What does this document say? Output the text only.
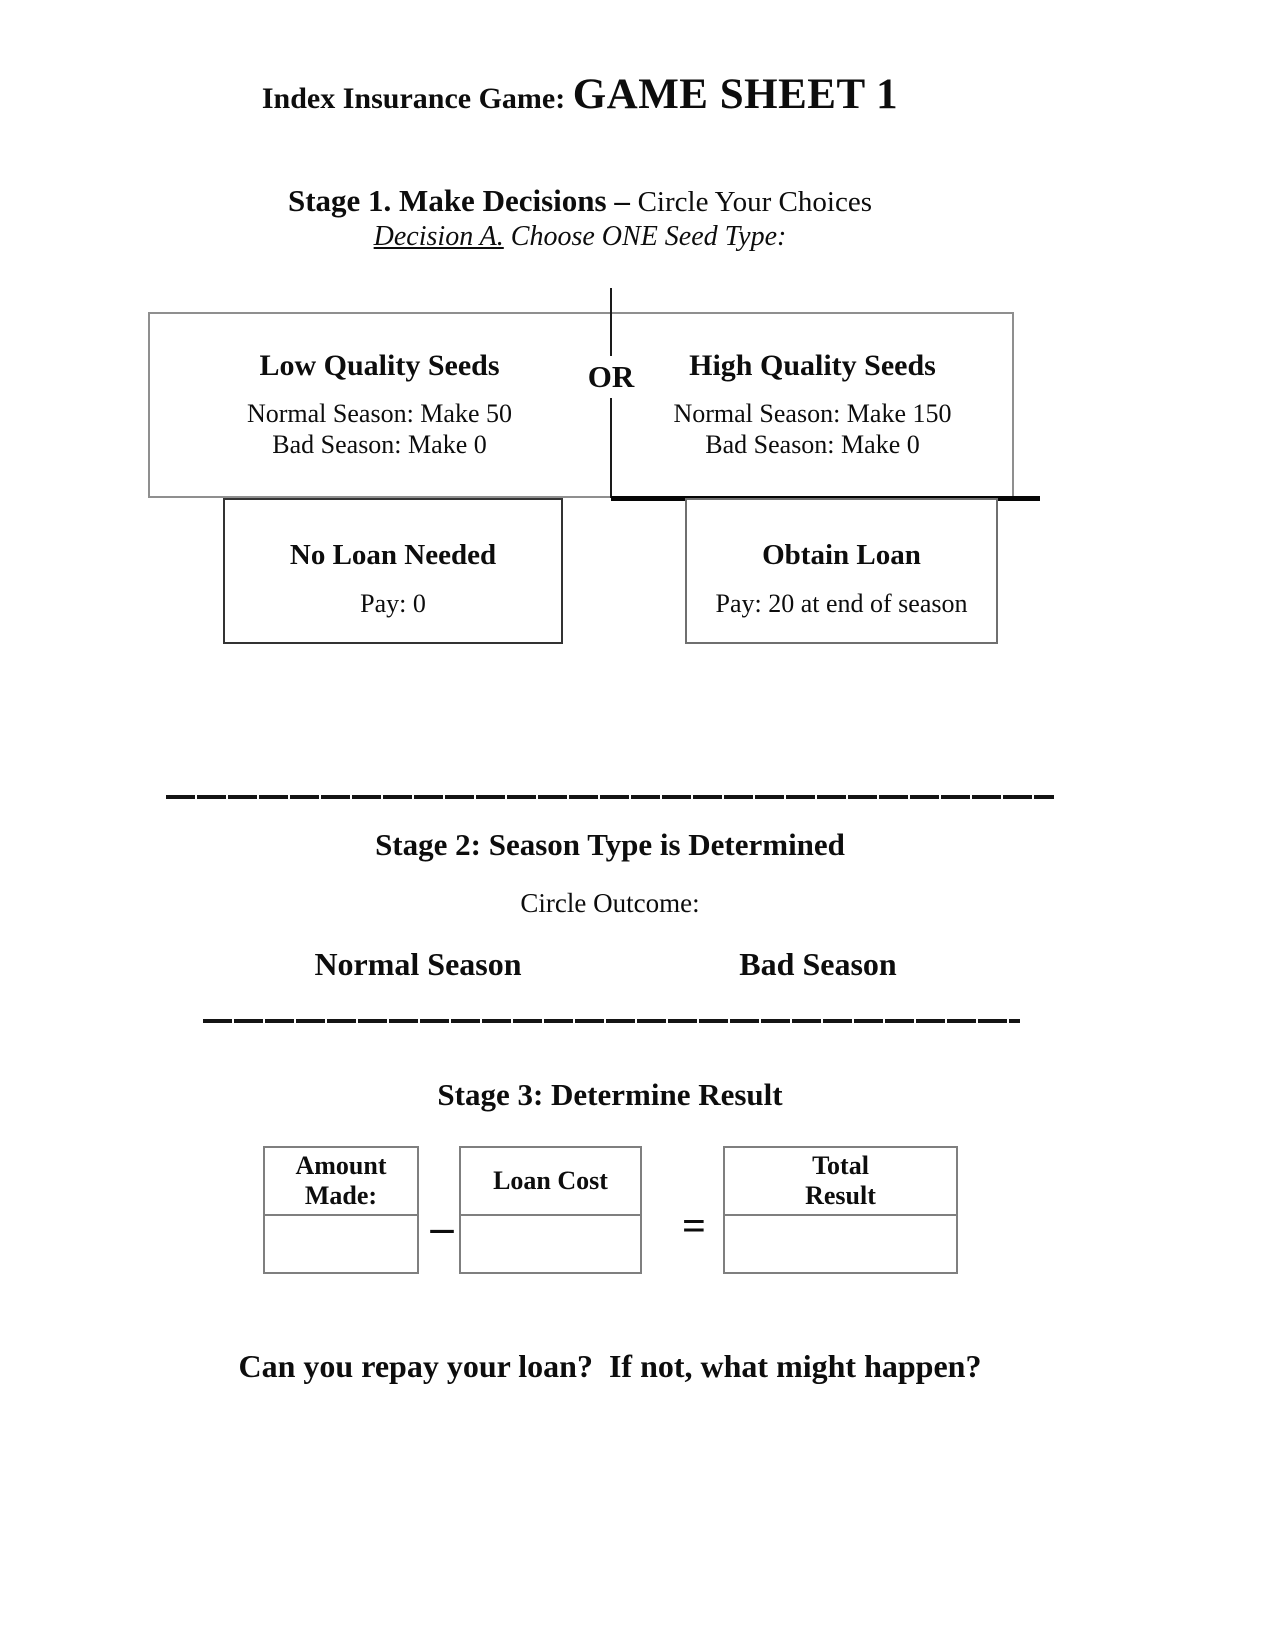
Index Insurance Game: GAME SHEET 1
Stage 1. Make Decisions – Circle Your Choices
Decision A. Choose ONE Seed Type:
Low Quality Seeds
Normal Season: Make 50
Bad Season: Make 0
High Quality Seeds
Normal Season: Make 150
Bad Season: Make 0
OR
No Loan Needed
Pay: 0
Obtain Loan
Pay: 20 at end of season
Stage 2: Season Type is Determined
Circle Outcome:
Normal Season	Bad Season
Stage 3: Determine Result
Amount
Made:
–
Loan Cost
=
Total
Result
Can you repay your loan?  If not, what might happen?
